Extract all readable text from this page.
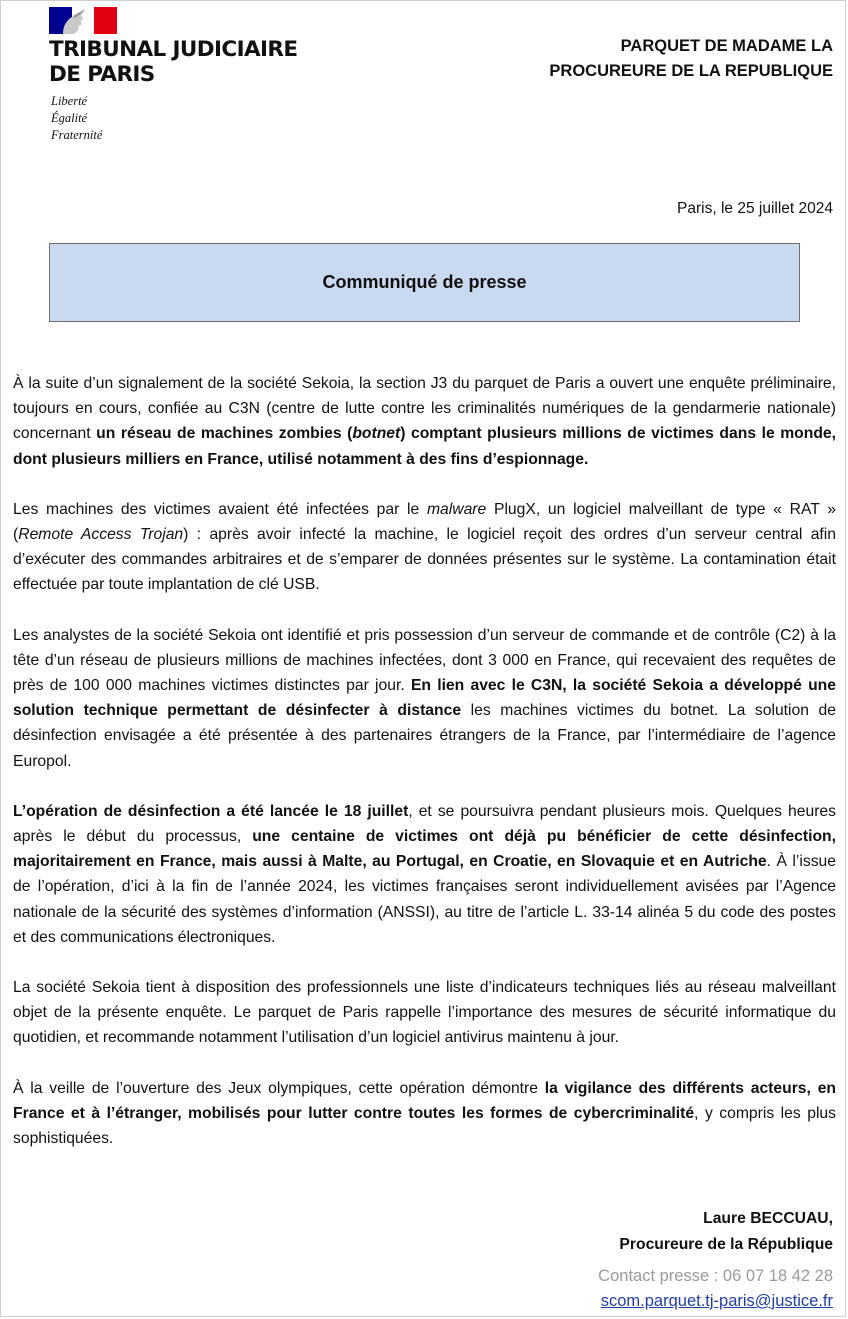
TRIBUNAL JUDICIAIRE
DE PARIS
Liberté
Égalité
Fraternité
PARQUET DE MADAME LA
PROCUREURE DE LA REPUBLIQUE
Paris, le 25 juillet 2024
Communiqué de presse

À la suite d’un signalement de la société Sekoia, la section J3 du parquet de Paris a ouvert une enquête préliminaire, toujours en cours, confiée au C3N (centre de lutte contre les criminalités numériques de la gendarmerie nationale) concernant un réseau de machines zombies (botnet) comptant plusieurs millions de victimes dans le monde, dont plusieurs milliers en France, utilisé notamment à des fins d’espionnage.

Les machines des victimes avaient été infectées par le malware PlugX, un logiciel malveillant de type « RAT » (Remote Access Trojan) : après avoir infecté la machine, le logiciel reçoit des ordres d’un serveur central afin d’exécuter des commandes arbitraires et de s’emparer de données présentes sur le système. La contamination était effectuée par toute implantation de clé USB.

Les analystes de la société Sekoia ont identifié et pris possession d’un serveur de commande et de contrôle (C2) à la tête d’un réseau de plusieurs millions de machines infectées, dont 3 000 en France, qui recevaient des requêtes de près de 100 000 machines victimes distinctes par jour. En lien avec le C3N, la société Sekoia a développé une solution technique permettant de désinfecter à distance les machines victimes du botnet. La solution de désinfection envisagée a été présentée à des partenaires étrangers de la France, par l’intermédiaire de l’agence Europol.

L’opération de désinfection a été lancée le 18 juillet, et se poursuivra pendant plusieurs mois. Quelques heures après le début du processus, une centaine de victimes ont déjà pu bénéficier de cette désinfection, majoritairement en France, mais aussi à Malte, au Portugal, en Croatie, en Slovaquie et en Autriche. À l’issue de l’opération, d’ici à la fin de l’année 2024, les victimes françaises seront individuellement avisées par l’Agence nationale de la sécurité des systèmes d’information (ANSSI), au titre de l’article L. 33-14 alinéa 5 du code des postes et des communications électroniques.

La société Sekoia tient à disposition des professionnels une liste d’indicateurs techniques liés au réseau malveillant objet de la présente enquête. Le parquet de Paris rappelle l’importance des mesures de sécurité informatique du quotidien, et recommande notamment l’utilisation d’un logiciel antivirus maintenu à jour.

À la veille de l’ouverture des Jeux olympiques, cette opération démontre la vigilance des différents acteurs, en France et à l’étranger, mobilisés pour lutter contre toutes les formes de cybercriminalité, y compris les plus sophistiquées.

Laure BECCUAU,
Procureure de la République
Contact presse : 06 07 18 42 28
scom.parquet.tj-paris@justice.fr
